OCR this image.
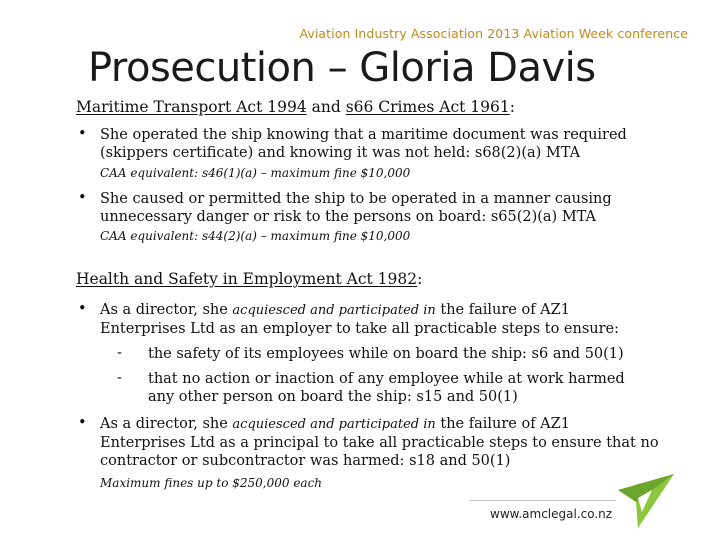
Aviation Industry Association 2013 Aviation Week conference
Prosecution – Gloria Davis
Maritime Transport Act 1994 and s66 Crimes Act 1961:
• She operated the ship knowing that a maritime document was required (skippers certificate) and knowing it was not held: s68(2)(a) MTA
CAA equivalent: s46(1)(a) – maximum fine $10,000
• She caused or permitted the ship to be operated in a manner causing unnecessary danger or risk to the persons on board: s65(2)(a) MTA
CAA equivalent: s44(2)(a) – maximum fine $10,000
Health and Safety in Employment Act 1982:
• As a director, she acquiesced and participated in the failure of AZ1 Enterprises Ltd as an employer to take all practicable steps to ensure:
- the safety of its employees while on board the ship: s6 and 50(1)
- that no action or inaction of any employee while at work harmed any other person on board the ship: s15 and 50(1)
• As a director, she acquiesced and participated in the failure of AZ1 Enterprises Ltd as a principal to take all practicable steps to ensure that no contractor or subcontractor was harmed: s18 and 50(1)
Maximum fines up to $250,000 each
www.amclegal.co.nz
